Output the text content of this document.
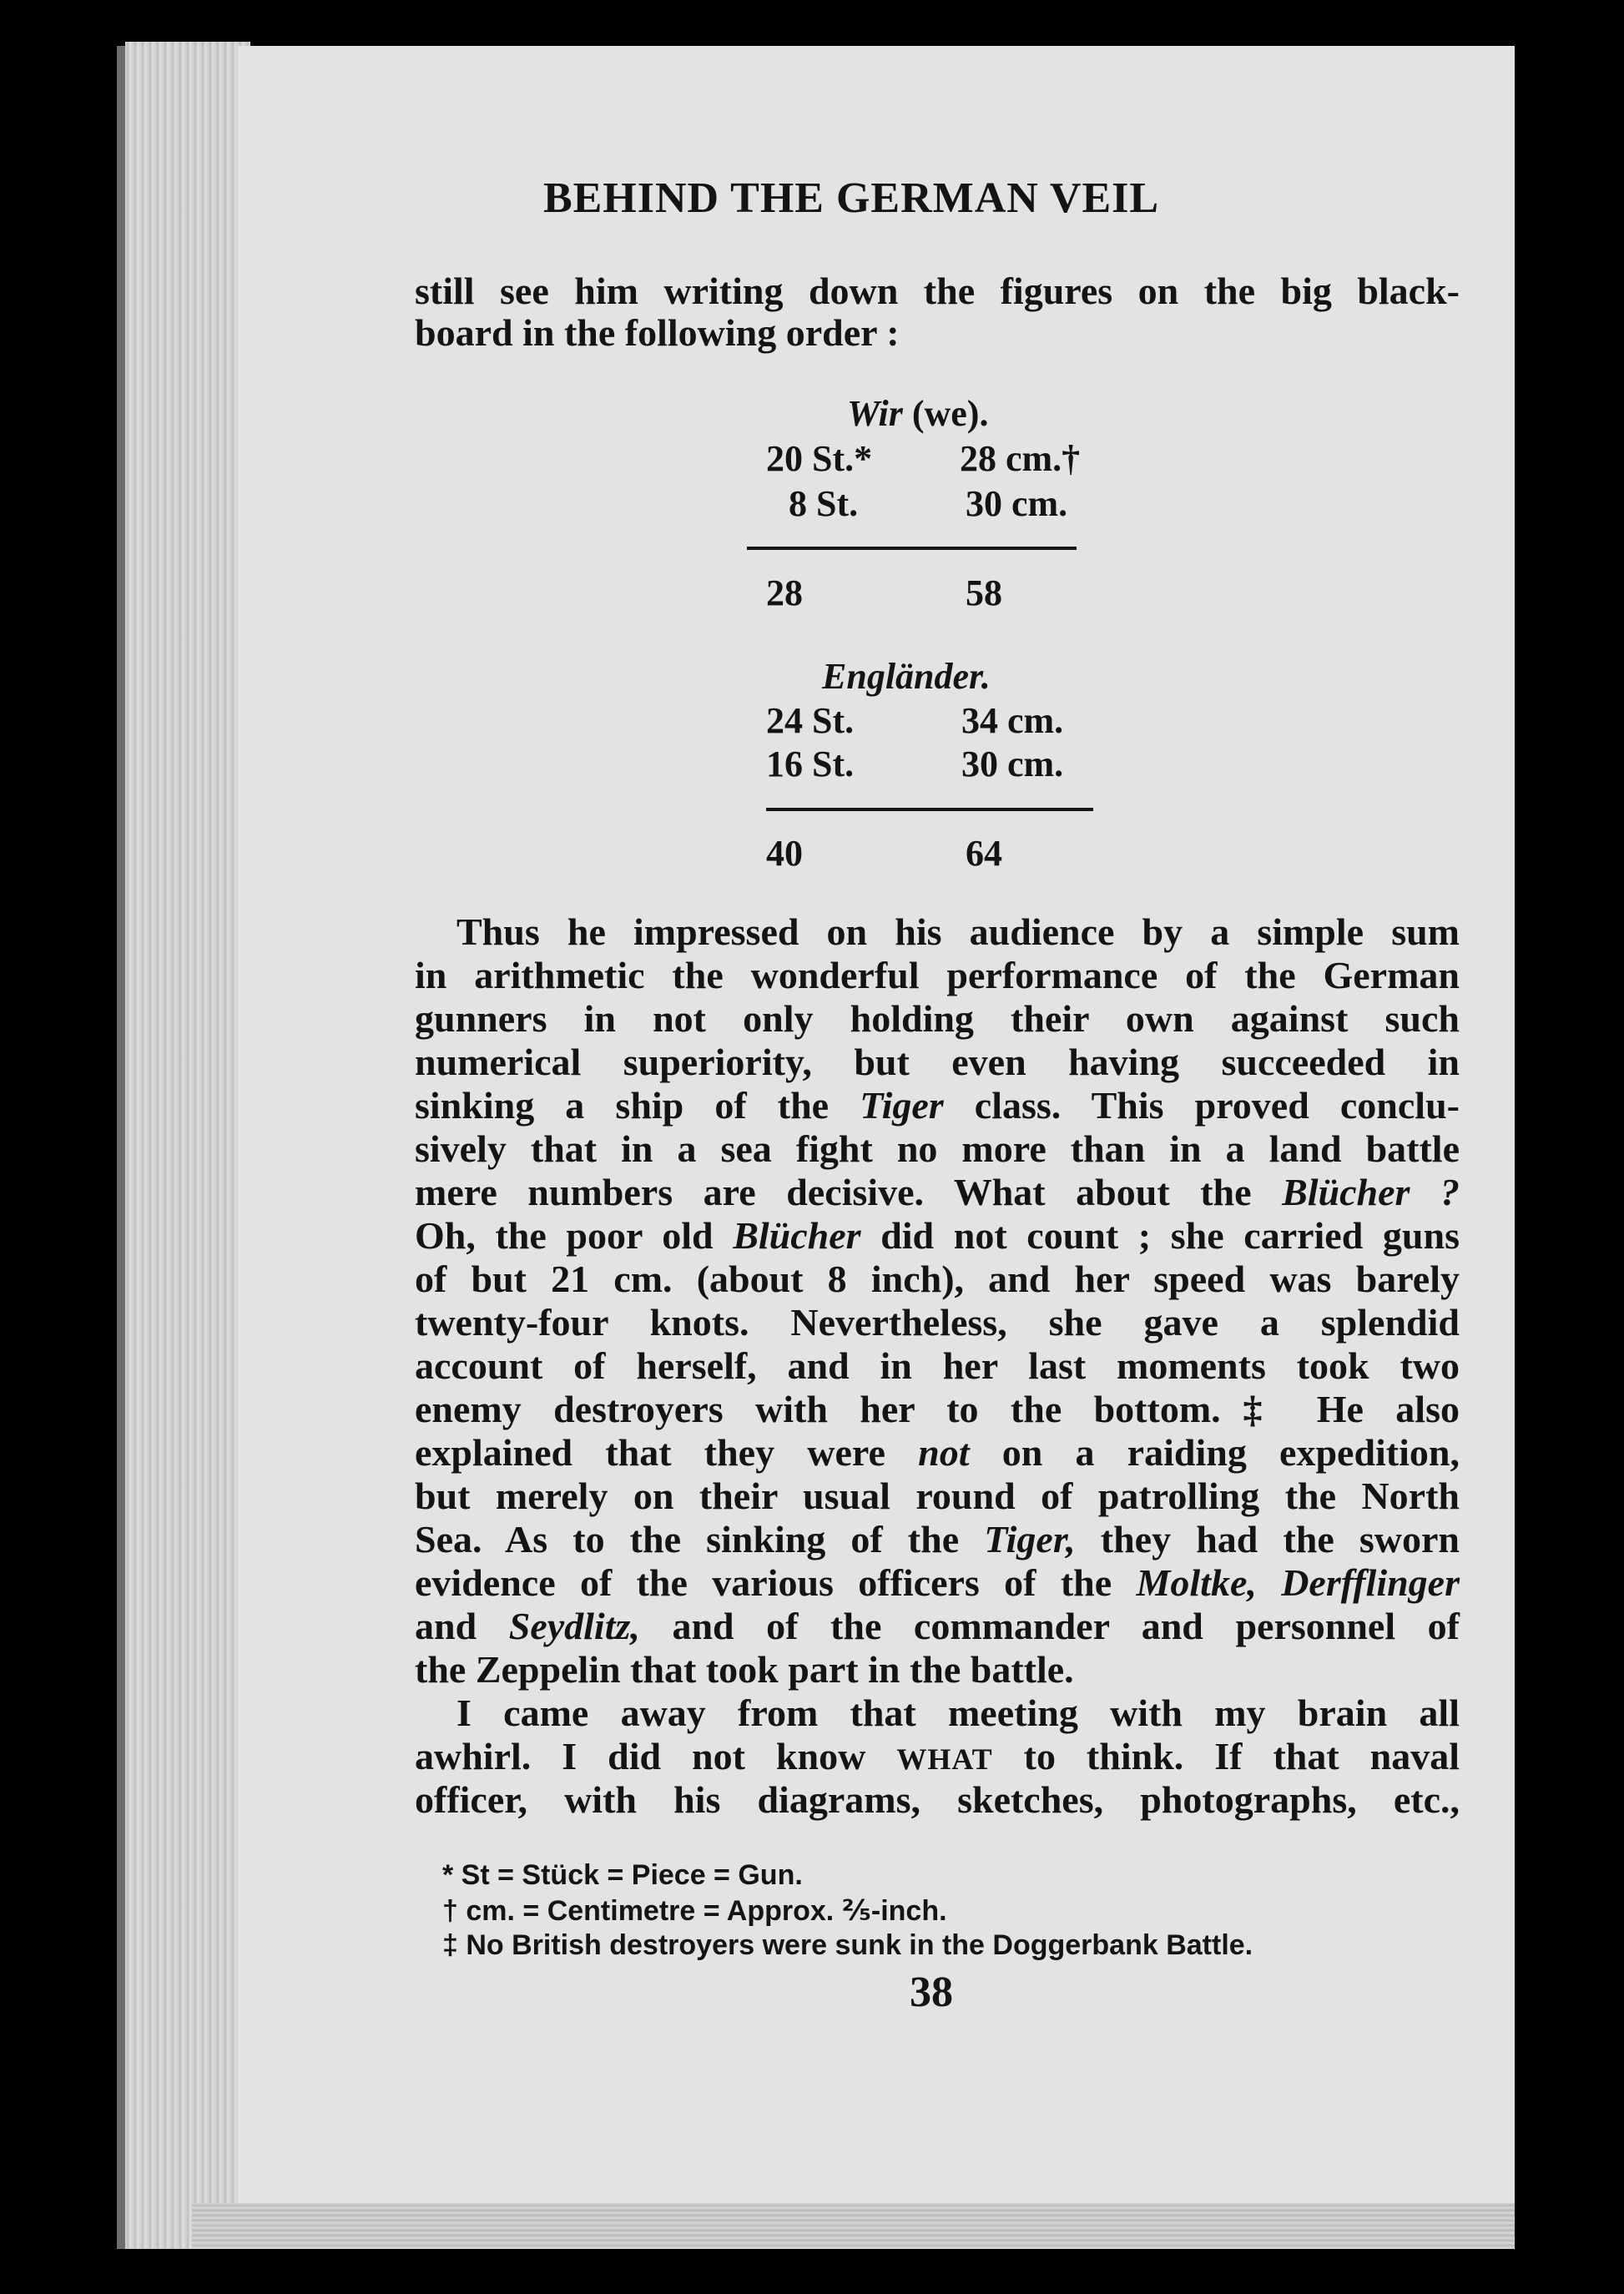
BEHIND THE GERMAN VEIL
still see him writing down the figures on the big black-
board in the following order :
Wir (we).
20 St.* 28 cm.†
8 St.	30 cm.
28	58
Engländer.
24 St.	34 cm.
16 St.	30 cm.
40	64
Thus he impressed on his audience by a simple sum
in arithmetic the wonderful performance of the German
gunners in not only holding their own against such
numerical superiority, but even having succeeded in
sinking a ship of the Tiger class. This proved conclu-
sively that in a sea fight no more than in a land battle
mere numbers are decisive. What about the Blücher ?
Oh, the poor old Blücher did not count ; she carried guns
of but 21 cm. (about 8 inch), and her speed was barely
twenty-four knots. Nevertheless, she gave a splendid
account of herself, and in her last moments took two
enemy destroyers with her to the bottom.‡ He also
explained that they were not on a raiding expedition,
but merely on their usual round of patrolling the North
Sea. As to the sinking of the Tiger, they had the sworn
evidence of the various officers of the Moltke, Derfflinger
and Seydlitz, and of the commander and personnel of
the Zeppelin that took part in the battle.
I came away from that meeting with my brain all
awhirl. I did not know WHAT to think. If that naval
officer, with his diagrams, sketches, photographs, etc.,
* St = Stück = Piece = Gun.
† cm. = Centimetre = Approx. ⅖-inch.
‡ No British destroyers were sunk in the Doggerbank Battle.
38
